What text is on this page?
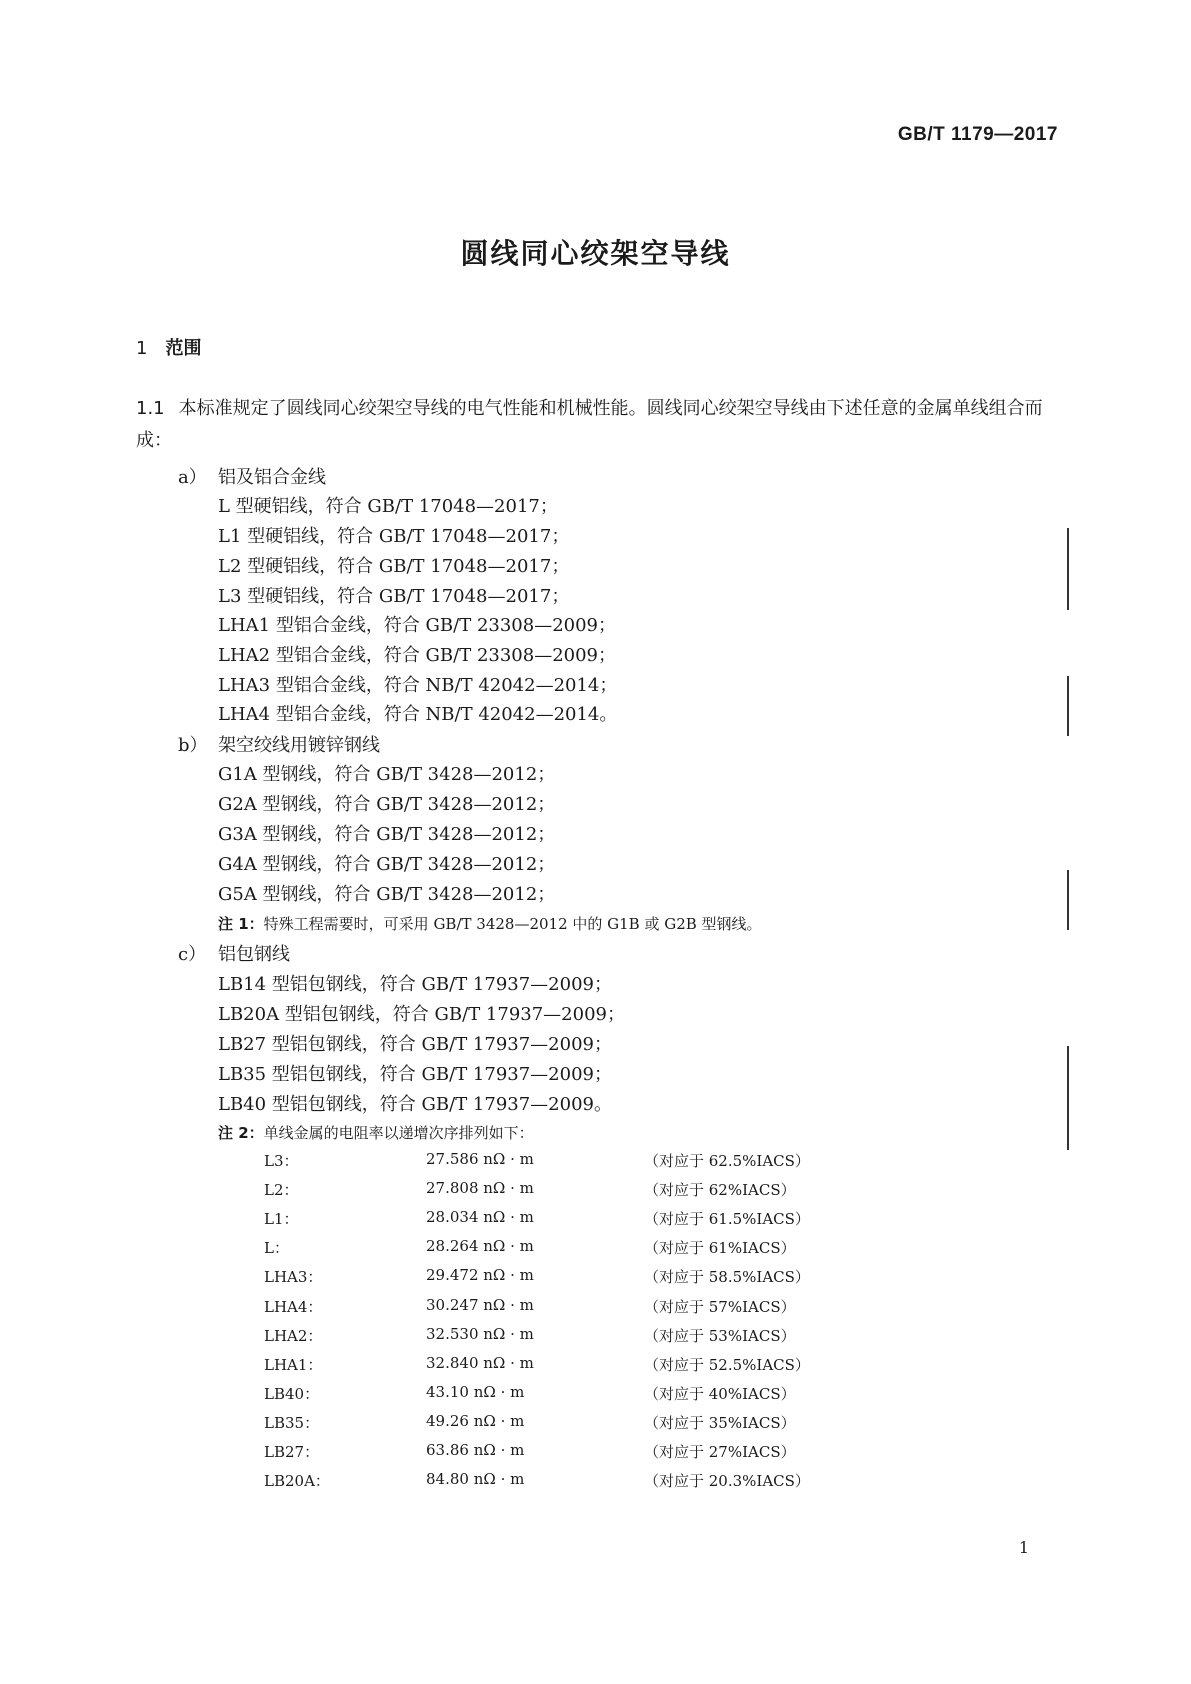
GB/T 1179—2017
圆线同心绞架空导线
1 范围
1.1 本标准规定了圆线同心绞架空导线的电气性能和机械性能。圆线同心绞架空导线由下述任意的金属单线组合而成：
a） 铝及铝合金线
L 型硬铝线，符合 GB/T 17048—2017；
L1 型硬铝线，符合 GB/T 17048—2017；
L2 型硬铝线，符合 GB/T 17048—2017；
L3 型硬铝线，符合 GB/T 17048—2017；
LHA1 型铝合金线，符合 GB/T 23308—2009；
LHA2 型铝合金线，符合 GB/T 23308—2009；
LHA3 型铝合金线，符合 NB/T 42042—2014；
LHA4 型铝合金线，符合 NB/T 42042—2014。
b） 架空绞线用镀锌钢线
G1A 型钢线，符合 GB/T 3428—2012；
G2A 型钢线，符合 GB/T 3428—2012；
G3A 型钢线，符合 GB/T 3428—2012；
G4A 型钢线，符合 GB/T 3428—2012；
G5A 型钢线，符合 GB/T 3428—2012；
注 1：特殊工程需要时，可采用 GB/T 3428—2012 中的 G1B 或 G2B 型钢线。
c） 铝包钢线
LB14 型铝包钢线，符合 GB/T 17937—2009；
LB20A 型铝包钢线，符合 GB/T 17937—2009；
LB27 型铝包钢线，符合 GB/T 17937—2009；
LB35 型铝包钢线，符合 GB/T 17937—2009；
LB40 型铝包钢线，符合 GB/T 17937—2009。
注 2：单线金属的电阻率以递增次序排列如下：
L3：	27.586 nΩ · m	（对应于 62.5%IACS）
L2：	27.808 nΩ · m	（对应于 62%IACS）
L1：	28.034 nΩ · m	（对应于 61.5%IACS）
L：	28.264 nΩ · m	（对应于 61%IACS）
LHA3：	29.472 nΩ · m	（对应于 58.5%IACS）
LHA4：	30.247 nΩ · m	（对应于 57%IACS）
LHA2：	32.530 nΩ · m	（对应于 53%IACS）
LHA1：	32.840 nΩ · m	（对应于 52.5%IACS）
LB40：	43.10 nΩ · m	（对应于 40%IACS）
LB35：	49.26 nΩ · m	（对应于 35%IACS）
LB27：	63.86 nΩ · m	（对应于 27%IACS）
LB20A：	84.80 nΩ · m	（对应于 20.3%IACS）
1
